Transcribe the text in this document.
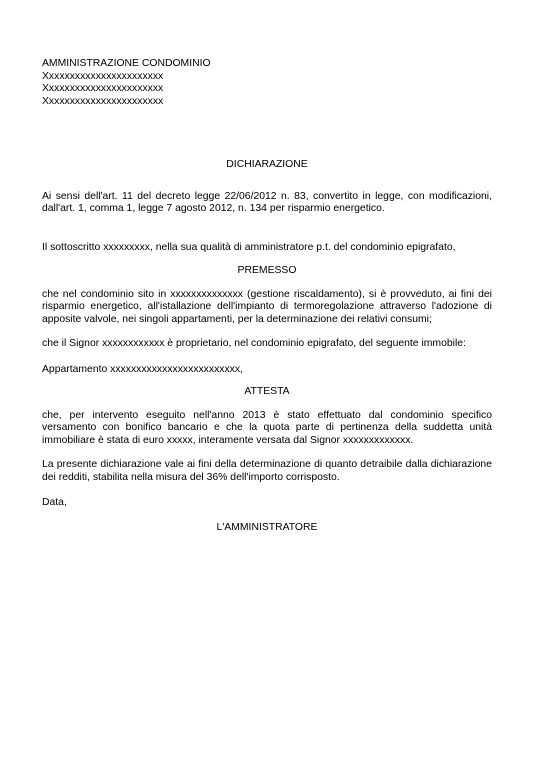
AMMINISTRAZIONE CONDOMINIO
Xxxxxxxxxxxxxxxxxxxxxxx
Xxxxxxxxxxxxxxxxxxxxxxx
Xxxxxxxxxxxxxxxxxxxxxxx
DICHIARAZIONE
Ai sensi dell'art. 11 del decreto legge 22/06/2012 n. 83, convertito in legge, con modificazioni, dall'art. 1, comma 1, legge 7 agosto 2012, n. 134 per risparmio energetico.
Il sottoscritto xxxxxxxxx, nella sua qualità di amministratore p.t. del condominio epigrafato,
PREMESSO
che nel condominio sito in xxxxxxxxxxxxxx (gestione riscaldamento), si è provveduto, ai fini dei risparmio energetico, all'istallazione dell'impianto di termoregolazione attraverso l'adozione di apposite valvole, nei singoli appartamenti, per la determinazione dei relativi consumi;
che il Signor xxxxxxxxxxxx è proprietario, nel condominio epigrafato, del seguente immobile:
Appartamento xxxxxxxxxxxxxxxxxxxxxxxxx,
ATTESTA
che, per intervento eseguito nell'anno 2013 è stato effettuato dal condominio specifico versamento con bonifico bancario e che la quota parte di pertinenza della suddetta unità immobiliare è stata di euro xxxxx, interamente versata dal Signor xxxxxxxxxxxxx.
La presente dichiarazione vale ai fini della determinazione di quanto detraibile dalla dichiarazione dei redditi, stabilita nella misura del 36% dell'importo corrisposto.
Data,
L'AMMINISTRATORE
